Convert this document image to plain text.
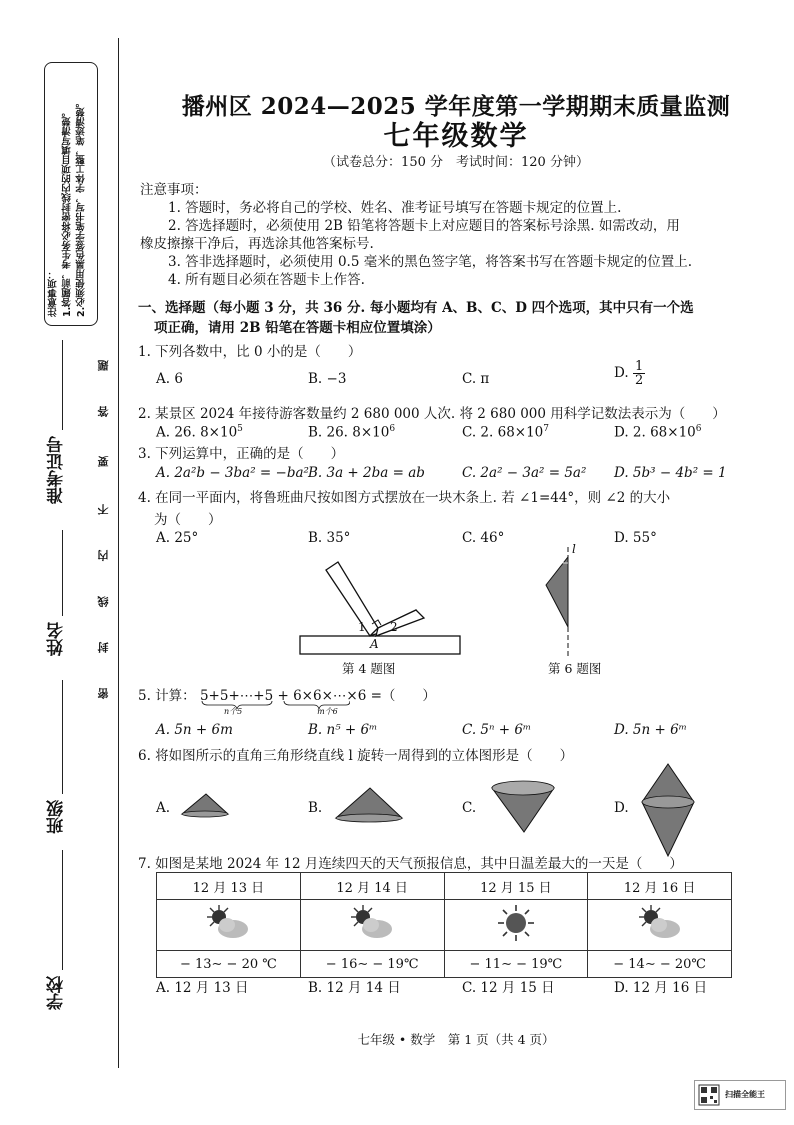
注意事项： 1.答题前，考生务必将密封线内的项目填写清楚。 2.必须使用黑色签字笔书写，字体工整，笔迹清楚。
准考证号
姓名
班级
学校
题
答
要
不
内
线
封
密
播州区 2024—2025 学年度第一学期期末质量监测
七年级数学
（试卷总分：150 分　考试时间：120 分钟）
注意事项：
1. 答题时，务必将自己的学校、姓名、准考证号填写在答题卡规定的位置上.
2. 答选择题时，必须使用 2B 铅笔将答题卡上对应题目的答案标号涂黑. 如需改动，用
橡皮擦擦干净后，再选涂其他答案标号.
3. 答非选择题时，必须使用 0.5 毫米的黑色签字笔，将答案书写在答题卡规定的位置上.
4. 所有题目必须在答题卡上作答.
一、选择题（每小题 3 分，共 36 分. 每小题均有 A、B、C、D 四个选项，其中只有一个选
项正确，请用 2B 铅笔在答题卡相应位置填涂）
1. 下列各数中，比 0 小的是（　　）
A. 6	B. −3	C. π	D. $\frac{1}{2}$
2. 某景区 2024 年接待游客数量约 2 680 000 人次. 将 2 680 000 用科学记数法表示为（　　）
A. 26. $8\times 10^5$	B. 26. $8\times 10^6$	C. 2. $68\times 10^7$	D. 2. $68\times 10^6$
3. 下列运算中，正确的是（　　）
A. 2a²b − 3ba² = −ba² B. 3a + 2ba = ab	C. 2a² − 3a² = 5a² D. 5b³ − 4b² = 1
4. 在同一平面内，将鲁班曲尺按如图方式摆放在一块木条上. 若 ∠1=44°，则 ∠2 的大小
为（　　）
A. 25°	B. 35°	C. 46°	D. 55°
1 2
A
第 4 题图
l
第 6 题图
5. 计算： 5+5+⋯+5
n个5
+ 6×6×⋯×6
m个6
=（　　）
A. 5n + 6m	B. n⁵ + 6ᵐ	C. 5ⁿ + 6ᵐ	D. 5n + 6ᵐ
6. 将如图所示的直角三角形绕直线 l 旋转一周得到的立体图形是（　　）
A.	B.	C.	D.
7. 如图是某地 2024 年 12 月连续四天的天气预报信息，其中日温差最大的一天是（　　）
12 月 13 日	12 月 14 日	12 月 15 日	12 月 16 日

− 13∼ − 20 ℃	− 16∼ − 19℃	− 11∼ − 19℃	− 14∼ − 20℃
A. 12 月 13 日	B. 12 月 14 日	C. 12 月 15 日	D. 12 月 16 日
七年级 • 数学　第 1 页（共 4 页）
扫描全能王
